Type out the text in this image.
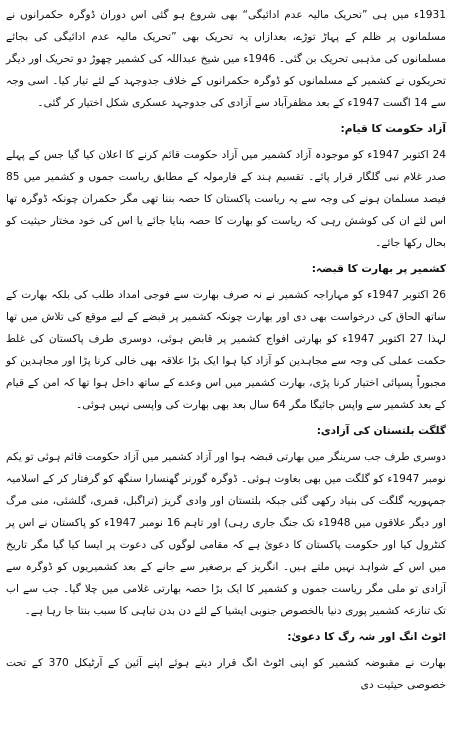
1931ء میں ہی ”تحریک مالیہ عدم ادائیگی“ بھی شروع ہو گئی اس دوران ڈوگرہ حکمرانوں نے مسلمانوں پر ظلم کے پہاڑ توڑے، بعدازاں یہ تحریک بھی ”تحریک مالیہ عدم ادائیگی کی بجائے مسلمانوں کی مذہبی تحریک بن گئی۔ 1946ء میں شیخ عبداللہ کی کشمیر چھوڑ دو تحریک اور دیگر تحریکوں نے کشمیر کے مسلمانوں کو ڈوگرہ حکمرانوں کے خلاف جدوجہد کے لئے تیار کیا۔ اسی وجہ سے 14 اگست 1947ء کے بعد مظفرآباد سے آزادی کی جدوجہد عسکری شکل اختیار کر گئی۔

آزاد حکومت کا قیام:

24 اکتوبر 1947ء کو موجودہ آزاد کشمیر میں آزاد حکومت قائم کرنے کا اعلان کیا گیا جس کے پہلے صدر غلام نبی گلگار قرار پائے۔ تقسیم ہند کے فارمولہ کے مطابق ریاست جموں و کشمیر میں 85 فیصد مسلمان ہونے کی وجہ سے یہ ریاست پاکستان کا حصہ بننا تھی مگر حکمران چونکہ ڈوگرہ تھا اس لئے ان کی کوشش رہی کہ ریاست کو بھارت کا حصہ بنایا جائے یا اس کی خود مختار حیثیت کو بحال رکھا جائے۔

کشمیر پر بھارت کا قبضہ:

26 اکتوبر 1947ء کو مہاراجہ کشمیر نے نہ صرف بھارت سے فوجی امداد طلب کی بلکہ بھارت کے ساتھ الحاق کی درخواست بھی دی اور بھارت چونکہ کشمیر پر قبضے کے لیے موقع کی تلاش میں تھا لہذا 27 اکتوبر 1947ء کو بھارتی افواج کشمیر پر قابض ہوئی، دوسری طرف پاکستان کی غلط حکمت عملی کی وجہ سے مجاہدین کو آزاد کیا ہوا ایک بڑا علاقہ بھی خالی کرنا پڑا اور مجاہدین کو مجبوراً پسپائی اختیار کرنا پڑی، بھارت کشمیر میں اس وعدے کے ساتھ داخل ہوا تھا کہ امن کے قیام کے بعد کشمیر سے واپس جائیگا مگر 64 سال بعد بھی بھارت کی واپسی نہیں ہوئی۔

گلگت بلتستان کی آزادی:

دوسری طرف جب سرینگر میں بھارتی قبضہ ہوا اور آزاد کشمیر میں آزاد حکومت قائم ہوئی تو یکم نومبر 1947ء کو گلگت میں بھی بغاوت ہوئی۔ ڈوگرہ گورنر گھنسارا سنگھ کو گرفتار کر کے اسلامیہ جمہوریہ گلگت کی بنیاد رکھی گئی جبکہ بلتستان اور وادی گریز (تراگبل، قمری، گلشئی، منی مرگ اور دیگر علاقوں میں 1948ء تک جنگ جاری رہی) اور تاہم 16 نومبر 1947ء کو پاکستان نے اس پر کنٹرول کیا اور حکومت پاکستان کا دعویٰ ہے کہ مقامی لوگوں کی دعوت پر ایسا کیا گیا مگر تاریخ میں اس کے شواہد نہیں ملتے ہیں۔ انگریز کے برصغیر سے جانے کے بعد کشمیریوں کو ڈوگرہ سے آزادی تو ملی مگر ریاست جموں و کشمیر کا ایک بڑا حصہ بھارتی غلامی میں چلا گیا۔ جب سے اب تک تنازعہ کشمیر پوری دنیا بالخصوص جنوبی ایشیا کے لئے دن بدن تباہی کا سبب بنتا جا رہا ہے۔

اٹوٹ انگ اور شہ رگ کا دعویٰ:

بھارت نے مقبوضہ کشمیر کو اپنی اٹوٹ انگ قرار دیتے ہوئے اپنے آئین کے آرٹیکل 370 کے تحت خصوصی حیثیت دی
